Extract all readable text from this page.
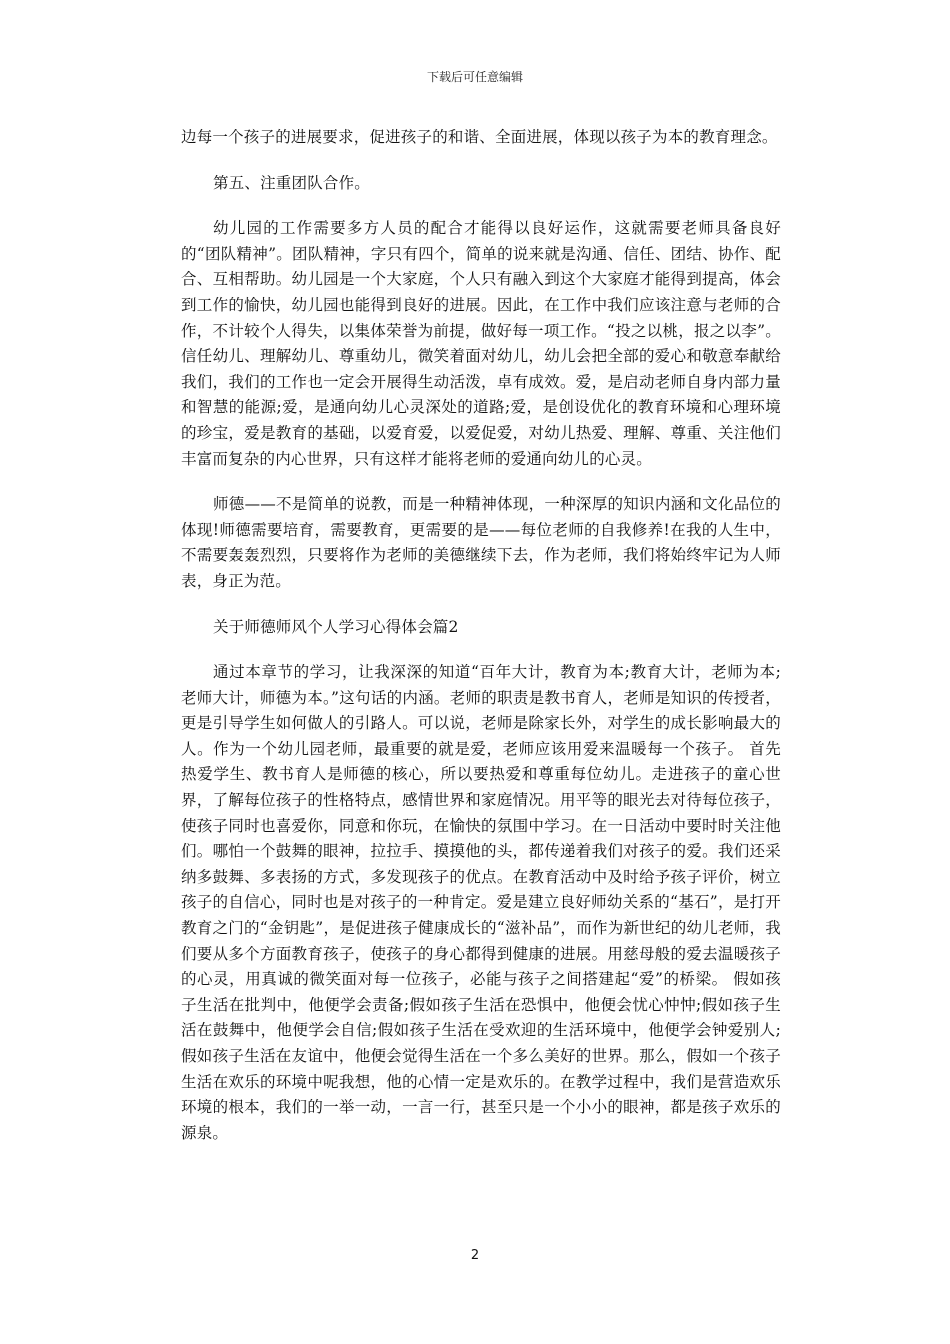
下载后可任意编辑

边每一个孩子的进展要求，促进孩子的和谐、全面进展，体现以孩子为本的教育理念。

第五、注重团队合作。

幼儿园的工作需要多方人员的配合才能得以良好运作，这就需要老师具备良好的“团队精神”。团队精神，字只有四个，简单的说来就是沟通、信任、团结、协作、配合、互相帮助。幼儿园是一个大家庭，个人只有融入到这个大家庭才能得到提高，体会到工作的愉快，幼儿园也能得到良好的进展。因此，在工作中我们应该注意与老师的合作，不计较个人得失，以集体荣誉为前提，做好每一项工作。“投之以桃，报之以李”。信任幼儿、理解幼儿、尊重幼儿，微笑着面对幼儿，幼儿会把全部的爱心和敬意奉献给我们，我们的工作也一定会开展得生动活泼，卓有成效。爱，是启动老师自身内部力量和智慧的能源;爱，是通向幼儿心灵深处的道路;爱，是创设优化的教育环境和心理环境的珍宝，爱是教育的基础，以爱育爱，以爱促爱，对幼儿热爱、理解、尊重、关注他们丰富而复杂的内心世界，只有这样才能将老师的爱通向幼儿的心灵。

师德——不是简单的说教，而是一种精神体现，一种深厚的知识内涵和文化品位的体现!师德需要培育，需要教育，更需要的是——每位老师的自我修养!在我的人生中，不需要轰轰烈烈，只要将作为老师的美德继续下去，作为老师，我们将始终牢记为人师表，身正为范。

关于师德师风个人学习心得体会篇2

通过本章节的学习，让我深深的知道“百年大计，教育为本;教育大计，老师为本;老师大计，师德为本。”这句话的内涵。老师的职责是教书育人，老师是知识的传授者，更是引导学生如何做人的引路人。可以说，老师是除家长外，对学生的成长影响最大的人。作为一个幼儿园老师，最重要的就是爱，老师应该用爱来温暖每一个孩子。 首先热爱学生、教书育人是师德的核心，所以要热爱和尊重每位幼儿。走进孩子的童心世界，了解每位孩子的性格特点，感情世界和家庭情况。用平等的眼光去对待每位孩子，使孩子同时也喜爱你，同意和你玩，在愉快的氛围中学习。在一日活动中要时时关注他们。哪怕一个鼓舞的眼神，拉拉手、摸摸他的头，都传递着我们对孩子的爱。我们还采纳多鼓舞、多表扬的方式，多发现孩子的优点。在教育活动中及时给予孩子评价，树立孩子的自信心，同时也是对孩子的一种肯定。爱是建立良好师幼关系的“基石”，是打开教育之门的“金钥匙”，是促进孩子健康成长的“滋补品”，而作为新世纪的幼儿老师，我们要从多个方面教育孩子，使孩子的身心都得到健康的进展。用慈母般的爱去温暖孩子的心灵，用真诚的微笑面对每一位孩子，必能与孩子之间搭建起“爱”的桥梁。 假如孩子生活在批判中，他便学会责备;假如孩子生活在恐惧中，他便会忧心忡忡;假如孩子生活在鼓舞中，他便学会自信;假如孩子生活在受欢迎的生活环境中，他便学会钟爱别人;假如孩子生活在友谊中，他便会觉得生活在一个多么美好的世界。那么，假如一个孩子生活在欢乐的环境中呢我想，他的心情一定是欢乐的。在教学过程中，我们是营造欢乐环境的根本，我们的一举一动，一言一行，甚至只是一个小小的眼神，都是孩子欢乐的源泉。

2
